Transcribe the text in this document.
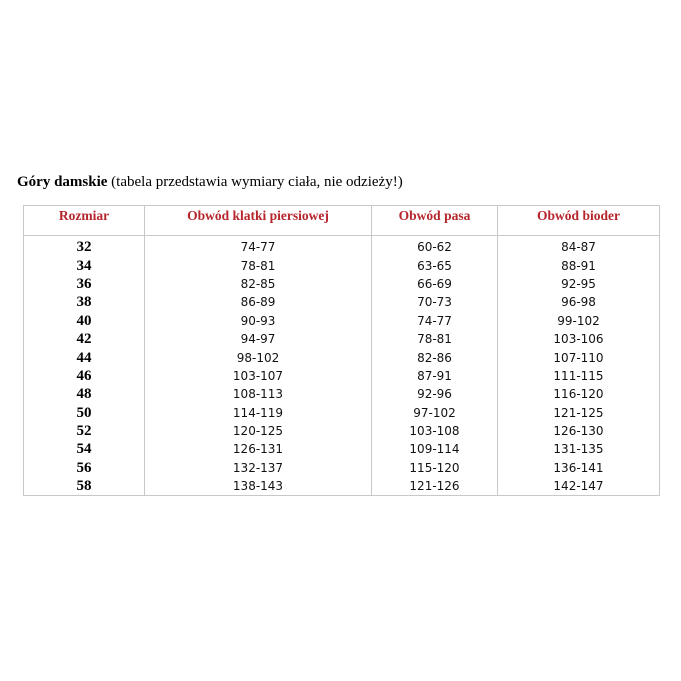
Góry damskie (tabela przedstawia wymiary ciała, nie odzieży!)
Rozmiar	Obwód klatki piersiowej	Obwód pasa	Obwód bioder

32	74-77	60-62	84-87
34	78-81	63-65	88-91
36	82-85	66-69	92-95
38	86-89	70-73	96-98
40	90-93	74-77	99-102
42	94-97	78-81	103-106
44	98-102	82-86	107-110
46	103-107	87-91	111-115
48	108-113	92-96	116-120
50	114-119	97-102	121-125
52	120-125	103-108	126-130
54	126-131	109-114	131-135
56	132-137	115-120	136-141
58	138-143	121-126	142-147
